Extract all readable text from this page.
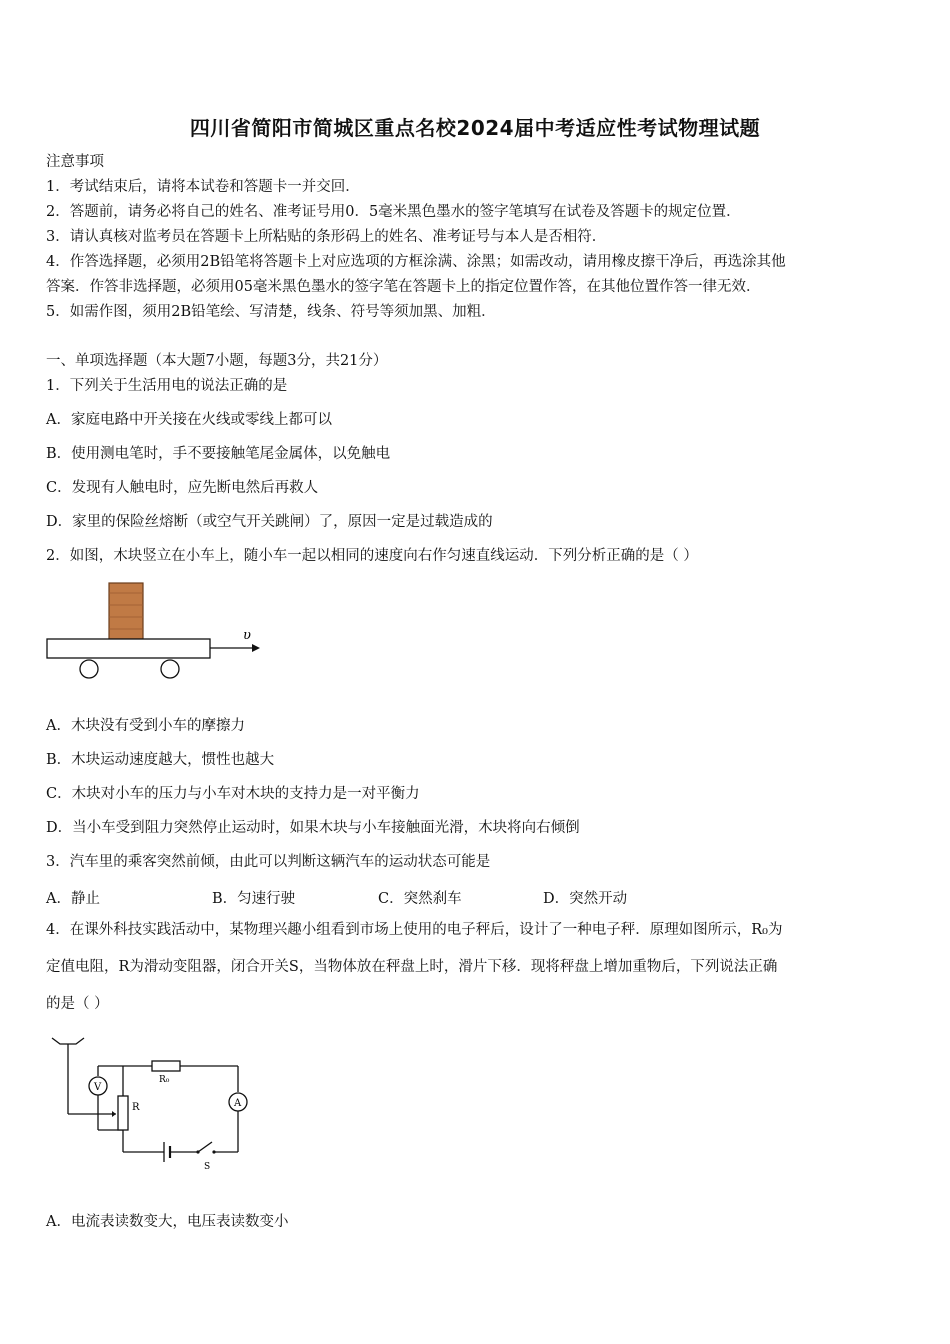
四川省简阳市简城区重点名校2024届中考适应性考试物理试题
注意事项
1．考试结束后，请将本试卷和答题卡一并交回．
2．答题前，请务必将自己的姓名、准考证号用0．5毫米黑色墨水的签字笔填写在试卷及答题卡的规定位置．
3．请认真核对监考员在答题卡上所粘贴的条形码上的姓名、准考证号与本人是否相符．
4．作答选择题，必须用2B铅笔将答题卡上对应选项的方框涂满、涂黑；如需改动，请用橡皮擦干净后，再选涂其他
答案．作答非选择题，必须用05毫米黑色墨水的签字笔在答题卡上的指定位置作答，在其他位置作答一律无效．
5．如需作图，须用2B铅笔绘、写清楚，线条、符号等须加黑、加粗．
一、单项选择题（本大题7小题，每题3分，共21分）
1．下列关于生活用电的说法正确的是
A．家庭电路中开关接在火线或零线上都可以
B．使用测电笔时，手不要接触笔尾金属体，以免触电
C．发现有人触电时，应先断电然后再救人
D．家里的保险丝熔断（或空气开关跳闸）了，原因一定是过载造成的
2．如图，木块竖立在小车上，随小车一起以相同的速度向右作匀速直线运动．下列分析正确的是（ ）
υ
A．木块没有受到小车的摩擦力
B．木块运动速度越大，惯性也越大
C．木块对小车的压力与小车对木块的支持力是一对平衡力
D．当小车受到阻力突然停止运动时，如果木块与小车接触面光滑，木块将向右倾倒
3．汽车里的乘客突然前倾，由此可以判断这辆汽车的运动状态可能是
A．静止	B．匀速行驶	C．突然刹车	D．突然开动
4．在课外科技实践活动中，某物理兴趣小组看到市场上使用的电子秤后，设计了一种电子秤．原理如图所示，R₀为
定值电阻，R为滑动变阻器，闭合开关S，当物体放在秤盘上时，滑片下移．现将秤盘上增加重物后，下列说法正确
的是（ ）
V
R₀
A
R
S
A．电流表读数变大，电压表读数变小
